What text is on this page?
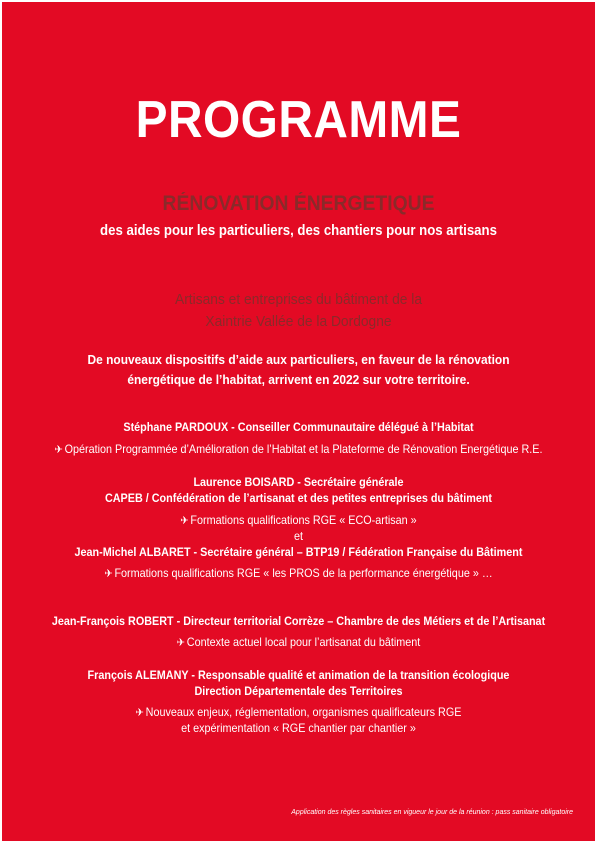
PROGRAMME
RÉNOVATION ÉNERGETIQUE
des aides pour les particuliers, des chantiers pour nos artisans
Artisans et entreprises du bâtiment de la
Xaintrie Vallée de la Dordogne
De nouveaux dispositifs d’aide aux particuliers, en faveur de la rénovation
énergétique de l’habitat, arrivent en 2022 sur votre territoire.
Stéphane PARDOUX - Conseiller Communautaire délégué à l’Habitat
✈ Opération Programmée d’Amélioration de l’Habitat et la Plateforme de Rénovation Energétique R.E.
Laurence BOISARD - Secrétaire générale
CAPEB / Confédération de l’artisanat et des petites entreprises du bâtiment
✈ Formations qualifications RGE « ECO-artisan »
et
Jean-Michel ALBARET - Secrétaire général – BTP19 / Fédération Française du Bâtiment
✈ Formations qualifications RGE « les PROS de la performance énergétique » …
Jean-François ROBERT - Directeur territorial Corrèze – Chambre de des Métiers et de l’Artisanat
✈ Contexte actuel local pour l’artisanat du bâtiment
François ALEMANY - Responsable qualité et animation de la transition écologique
Direction Départementale des Territoires
✈ Nouveaux enjeux, réglementation, organismes qualificateurs RGE
et expérimentation « RGE chantier par chantier »
Application des règles sanitaires en vigueur le jour de la réunion : pass sanitaire obligatoire
